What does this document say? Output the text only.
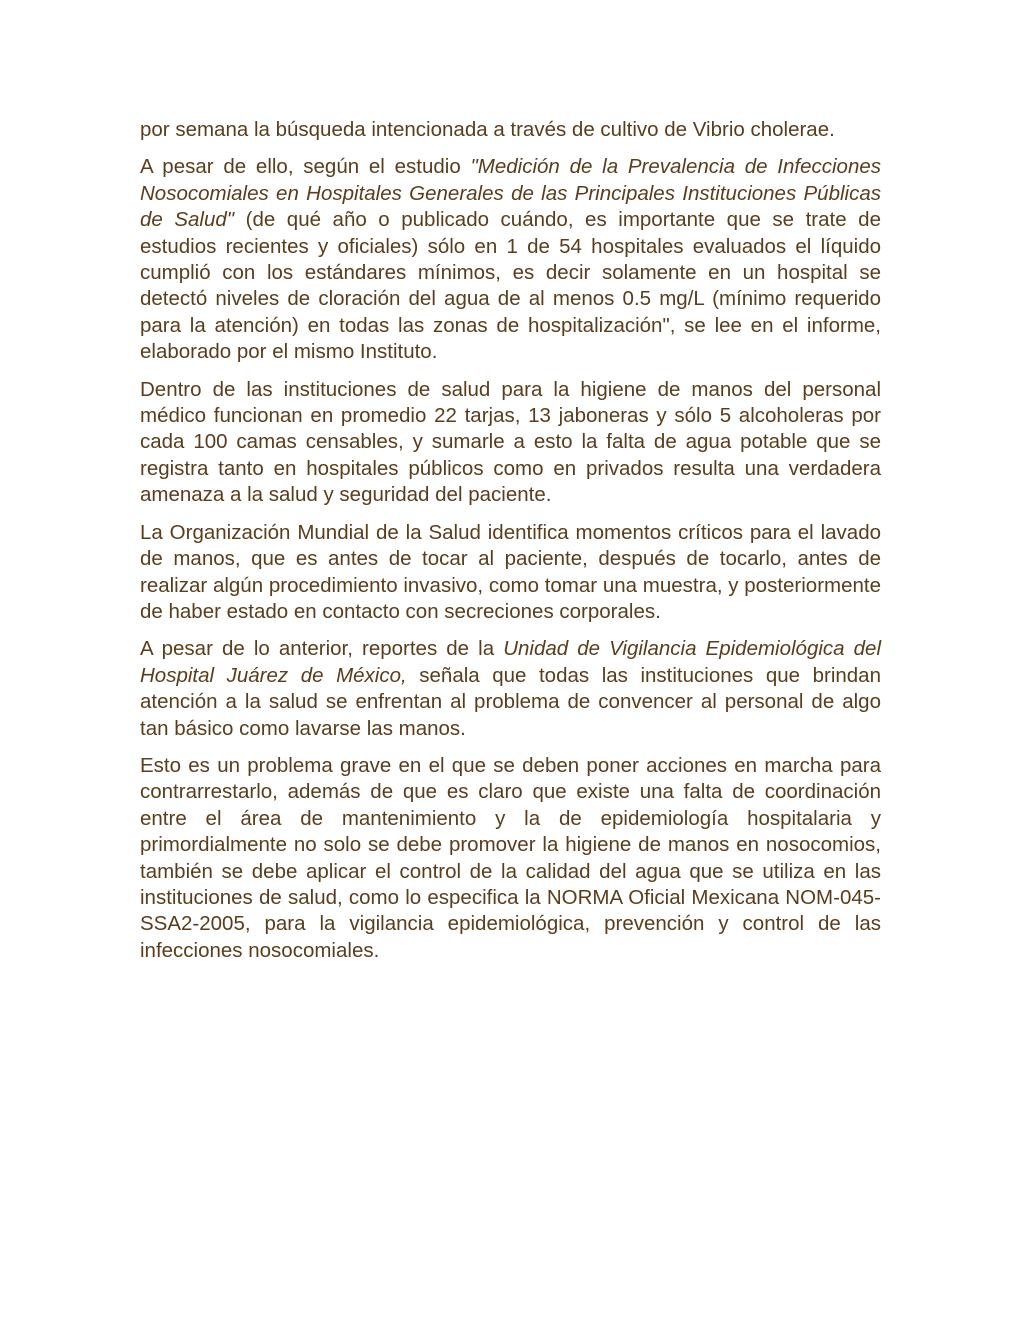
por semana la búsqueda intencionada a través de cultivo de Vibrio cholerae.

A pesar de ello, según el estudio "Medición de la Prevalencia de Infecciones Nosocomiales en Hospitales Generales de las Principales Instituciones Públicas de Salud" (de qué año o publicado cuándo, es importante que se trate de estudios recientes y oficiales) sólo en 1 de 54 hospitales evaluados el líquido cumplió con los estándares mínimos, es decir solamente en un hospital se detectó niveles de cloración del agua de al menos 0.5 mg/L (mínimo requerido para la atención) en todas las zonas de hospitalización", se lee en el informe, elaborado por el mismo Instituto.

Dentro de las instituciones de salud para la higiene de manos del personal médico funcionan en promedio 22 tarjas, 13 jaboneras y sólo 5 alcoholeras por cada 100 camas censables, y sumarle a esto la falta de agua potable que se registra tanto en hospitales públicos como en privados resulta una verdadera amenaza a la salud y seguridad del paciente.

La Organización Mundial de la Salud identifica momentos críticos para el lavado de manos, que es antes de tocar al paciente, después de tocarlo, antes de realizar algún procedimiento invasivo, como tomar una muestra, y posteriormente de haber estado en contacto con secreciones corporales.

A pesar de lo anterior, reportes de la Unidad de Vigilancia Epidemiológica del Hospital Juárez de México, señala que todas las instituciones que brindan atención a la salud se enfrentan al problema de convencer al personal de algo tan básico como lavarse las manos.

Esto es un problema grave en el que se deben poner acciones en marcha para contrarrestarlo, además de que es claro que existe una falta de coordinación entre el área de mantenimiento y la de epidemiología hospitalaria y primordialmente no solo se debe promover la higiene de manos en nosocomios, también se debe aplicar el control de la calidad del agua que se utiliza en las instituciones de salud, como lo especifica la NORMA Oficial Mexicana NOM-045-SSA2-2005, para la vigilancia epidemiológica, prevención y control de las infecciones nosocomiales.
